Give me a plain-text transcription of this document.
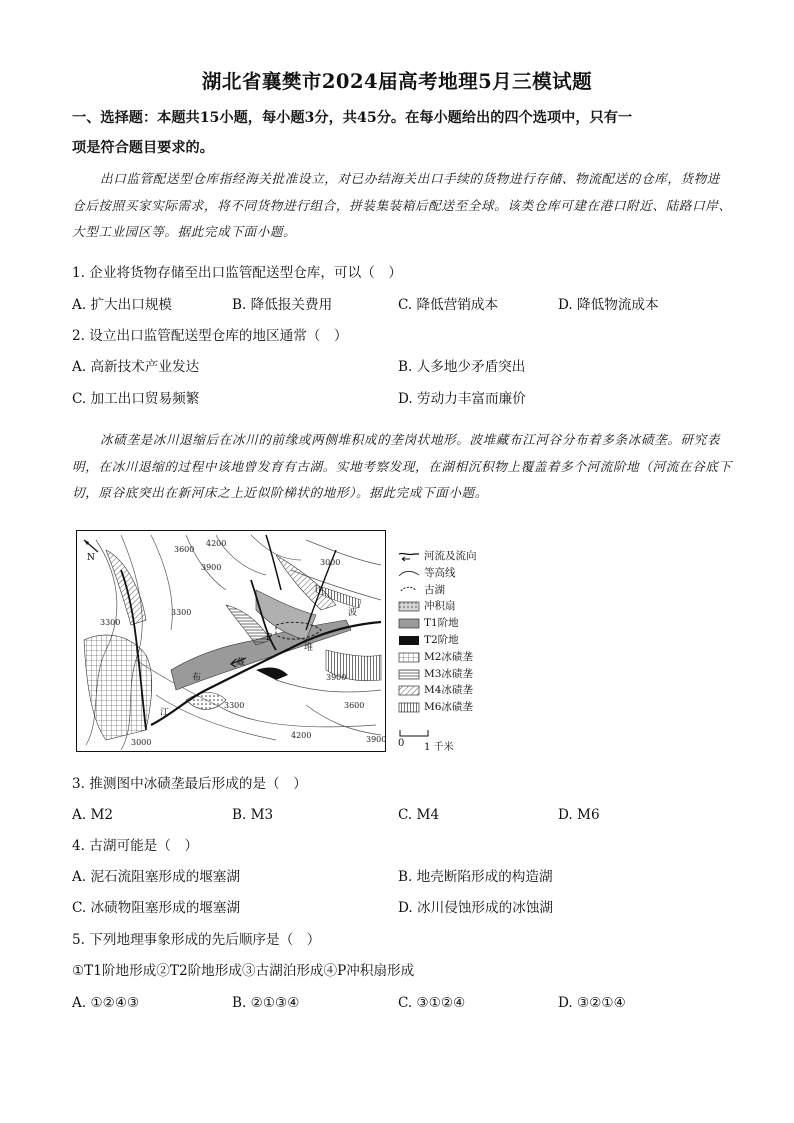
湖北省襄樊市2024届高考地理5月三模试题
一、选择题：本题共15小题，每小题3分，共45分。在每小题给出的四个选项中，只有一
项是符合题目要求的。
出口监管配送型仓库指经海关批准设立，对已办结海关出口手续的货物进行存储、物流配送的仓库，货物进仓后按照买家实际需求，将不同货物进行组合，拼装集装箱后配送至全球。该类仓库可建在港口附近、陆路口岸、大型工业园区等。据此完成下面小题。
1. 企业将货物存储至出口监管配送型仓库，可以（　）
A. 扩大出口规模	B. 降低报关费用	C. 降低营销成本	D. 降低物流成本
2. 设立出口监管配送型仓库的地区通常（　）
A. 高新技术产业发达	B. 人多地少矛盾突出
C. 加工出口贸易频繁	D. 劳动力丰富而廉价
冰碛垄是冰川退缩后在冰川的前缘或两侧堆积成的垄岗状地形。波堆藏布江河谷分布着多条冰碛垄。研究表明，在冰川退缩的过程中该地曾发育有古湖。实地考察发现，在湖相沉积物上覆盖着多个河流阶地（河流在谷底下切，原谷底突出在新河床之上近似阶梯状的地形）。据此完成下面小题。
N
3600
4200
3900
3300
3300
3900
3600
3300
3000
4200	3900
3000
P
堆
藏
布
江
波
河流及流向
等高线
古湖
冲积扇
T1阶地
T2阶地
M2冰碛垄
M3冰碛垄
M4冰碛垄
M6冰碛垄
0 1 千米
3. 推测图中冰碛垄最后形成的是（　）
A. M2	B. M3	C. M4	D. M6
4. 古湖可能是（　）
A. 泥石流阻塞形成的堰塞湖	B. 地壳断陷形成的构造湖
C. 冰碛物阻塞形成的堰塞湖	D. 冰川侵蚀形成的冰蚀湖
5. 下列地理事象形成的先后顺序是（　）
①T1阶地形成②T2阶地形成③古湖泊形成④P冲积扇形成
A. ①②④③	B. ②①③④	C. ③①②④	D. ③②①④
